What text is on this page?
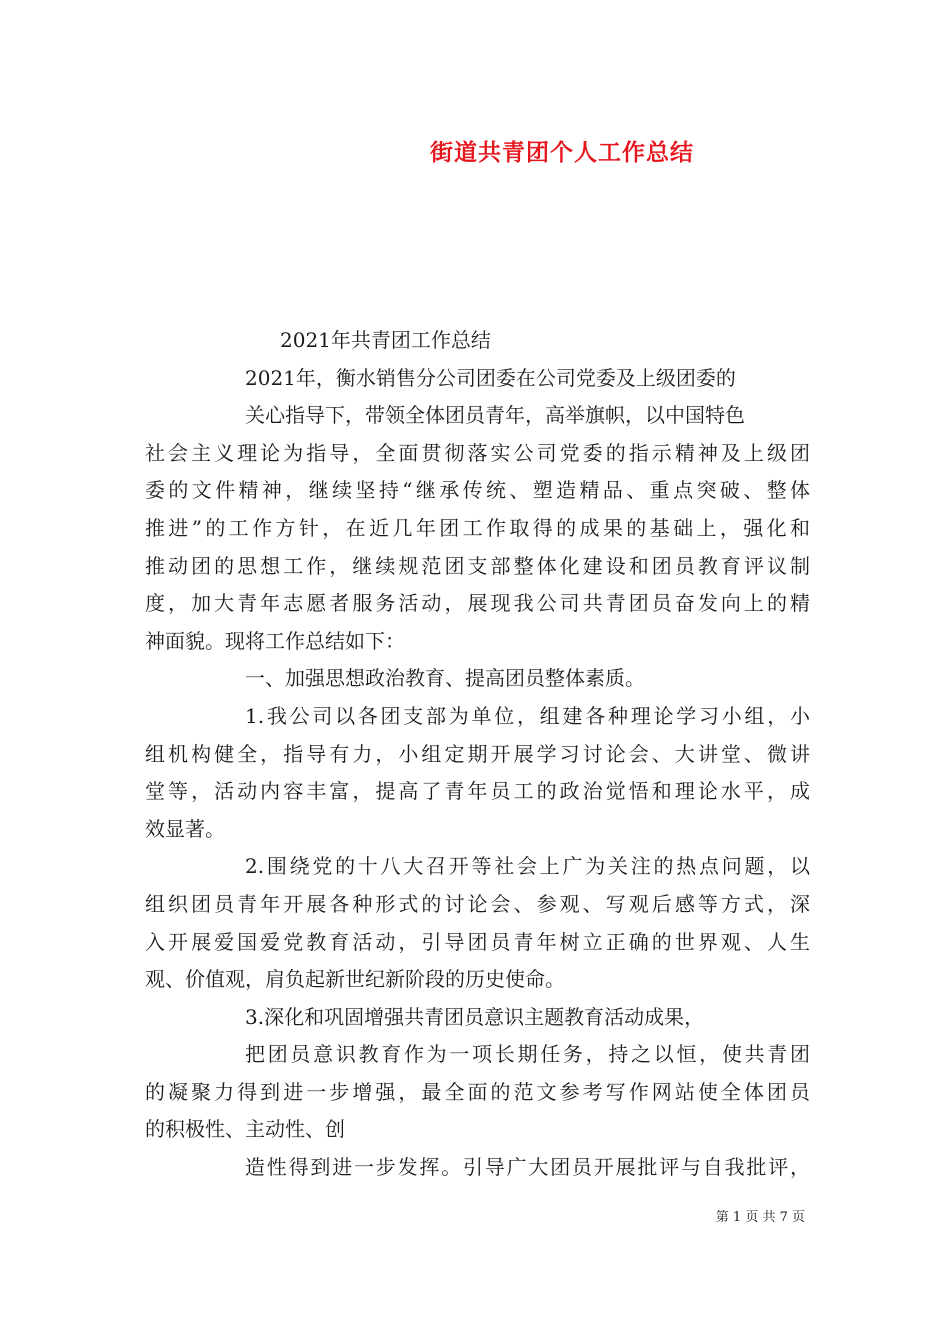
街道共青团个人工作总结
2021年共青团工作总结
2021年，衡水销售分公司团委在公司党委及上级团委的
关心指导下，带领全体团员青年，高举旗帜，以中国特色
社会主义理论为指导，全面贯彻落实公司党委的指示精神及上级团
委的文件精神，继续坚持“继承传统、塑造精品、重点突破、整体
推进”的工作方针，在近几年团工作取得的成果的基础上，强化和
推动团的思想工作，继续规范团支部整体化建设和团员教育评议制
度，加大青年志愿者服务活动，展现我公司共青团员奋发向上的精
神面貌。现将工作总结如下：
一、加强思想政治教育、提高团员整体素质。
1.我公司以各团支部为单位，组建各种理论学习小组，小
组机构健全，指导有力，小组定期开展学习讨论会、大讲堂、微讲
堂等，活动内容丰富，提高了青年员工的政治觉悟和理论水平，成
效显著。
2.围绕党的十八大召开等社会上广为关注的热点问题，以
组织团员青年开展各种形式的讨论会、参观、写观后感等方式，深
入开展爱国爱党教育活动，引导团员青年树立正确的世界观、人生
观、价值观，肩负起新世纪新阶段的历史使命。
3.深化和巩固增强共青团员意识主题教育活动成果，
把团员意识教育作为一项长期任务，持之以恒，使共青团
的凝聚力得到进一步增强，最全面的范文参考写作网站使全体团员
的积极性、主动性、创
造性得到进一步发挥。引导广大团员开展批评与自我批评，
第 1 页 共 7 页
